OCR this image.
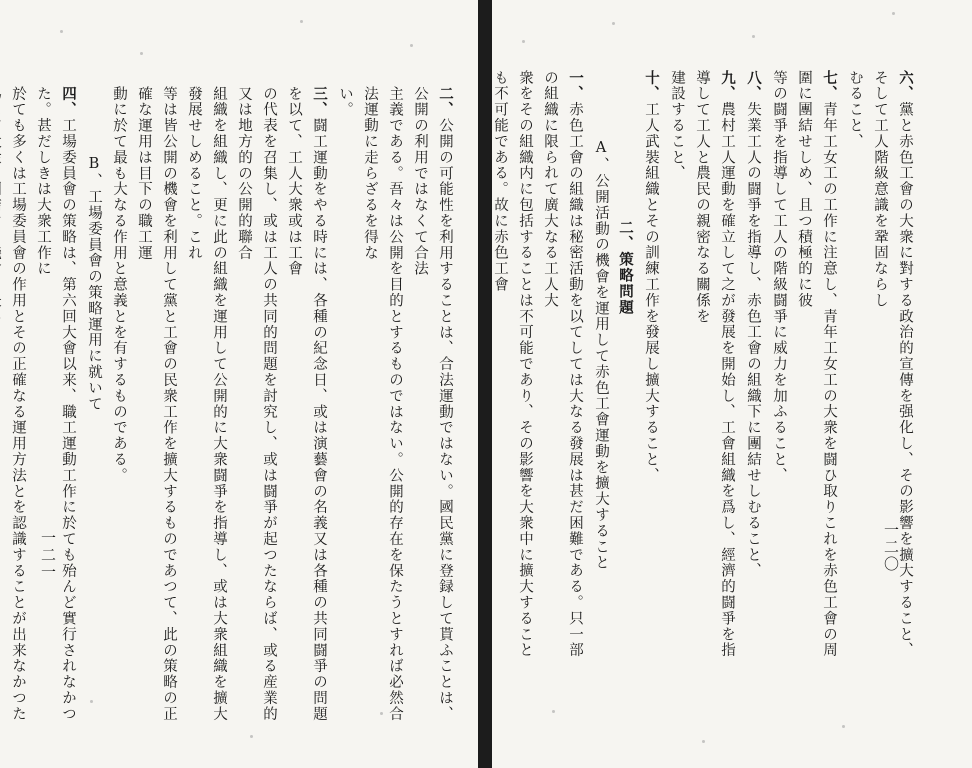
二、公開の可能性を利用することは、合法運動ではない。國民黨に登録して貰ふことは、公開の利用ではなくて合法
主義である。吾々は公開を目的とするものではない。公開的存在を保たうとすれば必然合法運動に走らざるを得な
い。
三、闘工運動をやる時には、各種の紀念日、或は演藝會の名義又は各種の共同闘爭の問題を以て、工人大衆或は工會
の代表を召集し、或は工人の共同的問題を討究し、或は闘爭が起つたならば、或る産業的又は地方的の公開的聯合
組織を組織し、更に此の組織を運用して公開的に大衆闘爭を指導し、或は大衆組織を擴大發展せしめること。これ
等は皆公開の機會を利用して黨と工會の民衆工作を擴大するものであつて、此の策略の正確な運用は目下の職工運
動に於て最も大なる作用と意義とを有するものである。
B、工場委員會の策略運用に就いて
四、工場委員會の策略は、第六回大會以来、職工運動工作に於ても殆んど實行されなかつた。甚だしきは大衆工作に
於ても多くは工場委員會の作用とその正確なる運用方法とを認識することが出来なかつた
一二一
六、黨と赤色工會の大衆に對する政治的宣傳を强化し、その影響を擴大すること、そして工人階級意識を鞏固ならし
むること、
七、青年工女工の工作に注意し、青年工女工の大衆を闘ひ取りこれを赤色工會の周圍に團結せしめ、且つ積極的に彼
等の闘爭を指導して工人の階級闘爭に威力を加ふること、
八、失業工人の闘爭を指導し、赤色工會の組織下に團結せしむること、
九、農村工人運動を確立して之が發展を開始し、工會組織を爲し、經濟的闘爭を指導して工人と農民の親密なる關係を
建設すること、
十、工人武裝組織とその訓練工作を發展し擴大すること、
二、策略問題
A、公開活動の機會を運用して赤色工會運動を擴大すること
一、赤色工會の組織は秘密活動を以てしては大なる發展は甚だ困難である。只一部の組織に限られて廣大なる工人大
衆をその組織内に包括することは不可能であり、その影響を大衆中に擴大することも不可能である。故に赤色工會
一二〇
